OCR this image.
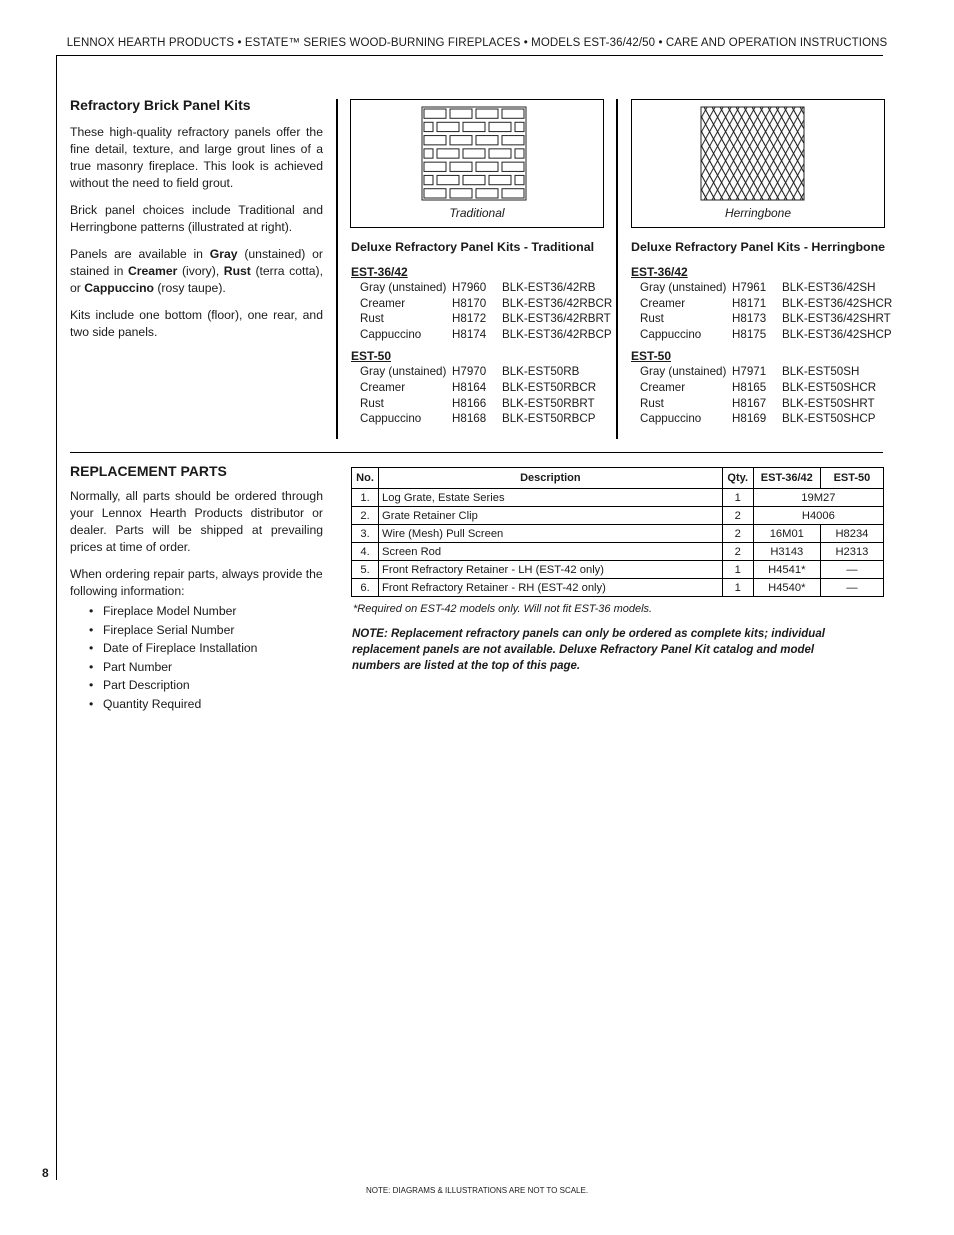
LENNOX HEARTH PRODUCTS • ESTATE™ SERIES WOOD-BURNING FIREPLACES • MODELS EST-36/42/50 • CARE AND OPERATION INSTRUCTIONS
Refractory Brick Panel Kits

These high-quality refractory panels offer the fine detail, texture, and large grout lines of a true masonry fireplace. This look is achieved without the need to field grout.

Brick panel choices include Traditional and Herringbone patterns (illustrated at right).

Panels are available in Gray (unstained) or stained in Creamer (ivory), Rust (terra cotta), or Cappuccino (rosy taupe).

Kits include one bottom (floor), one rear, and two side panels.

Traditional	Herringbone
Deluxe Refractory Panel Kits - Traditional
EST-36/42
Gray (unstained)	H7960	BLK-EST36/42RB
Creamer	H8170	BLK-EST36/42RBCR
Rust	H8172	BLK-EST36/42RBRT
Cappuccino	H8174	BLK-EST36/42RBCP
EST-50
Gray (unstained)	H7970	BLK-EST50RB
Creamer	H8164	BLK-EST50RBCR
Rust	H8166	BLK-EST50RBRT
Cappuccino	H8168	BLK-EST50RBCP
Deluxe Refractory Panel Kits - Herringbone
EST-36/42
Gray (unstained)	H7961	BLK-EST36/42SH
Creamer	H8171	BLK-EST36/42SHCR
Rust	H8173	BLK-EST36/42SHRT
Cappuccino	H8175	BLK-EST36/42SHCP
EST-50
Gray (unstained)	H7971	BLK-EST50SH
Creamer	H8165	BLK-EST50SHCR
Rust	H8167	BLK-EST50SHRT
Cappuccino	H8169	BLK-EST50SHCP
REPLACEMENT PARTS

Normally, all parts should be ordered through your Lennox Hearth Products distributor or dealer. Parts will be shipped at prevailing prices at time of order.

When ordering repair parts, always provide the following information:

• Fireplace Model Number
• Fireplace Serial Number
• Date of Fireplace Installation
• Part Number
• Part Description
• Quantity Required
No.	Description	Qty.	EST-36/42	EST-50
1.	Log Grate, Estate Series	1	19M27	
2.	Grate Retainer Clip	2	H4006	
3.	Wire (Mesh) Pull Screen	2	16M01	H8234
4.	Screen Rod	2	H3143	H2313
5.	Front Refractory Retainer - LH (EST-42 only)	1	H4541*	—
6.	Front Refractory Retainer - RH (EST-42 only)	1	H4540*	—
*Required on EST-42 models only. Will not fit EST-36 models.
NOTE: Replacement refractory panels can only be ordered as complete kits; individual replacement panels are not available. Deluxe Refractory Panel Kit catalog and model numbers are listed at the top of this page.
8
NOTE: DIAGRAMS & ILLUSTRATIONS ARE NOT TO SCALE.
